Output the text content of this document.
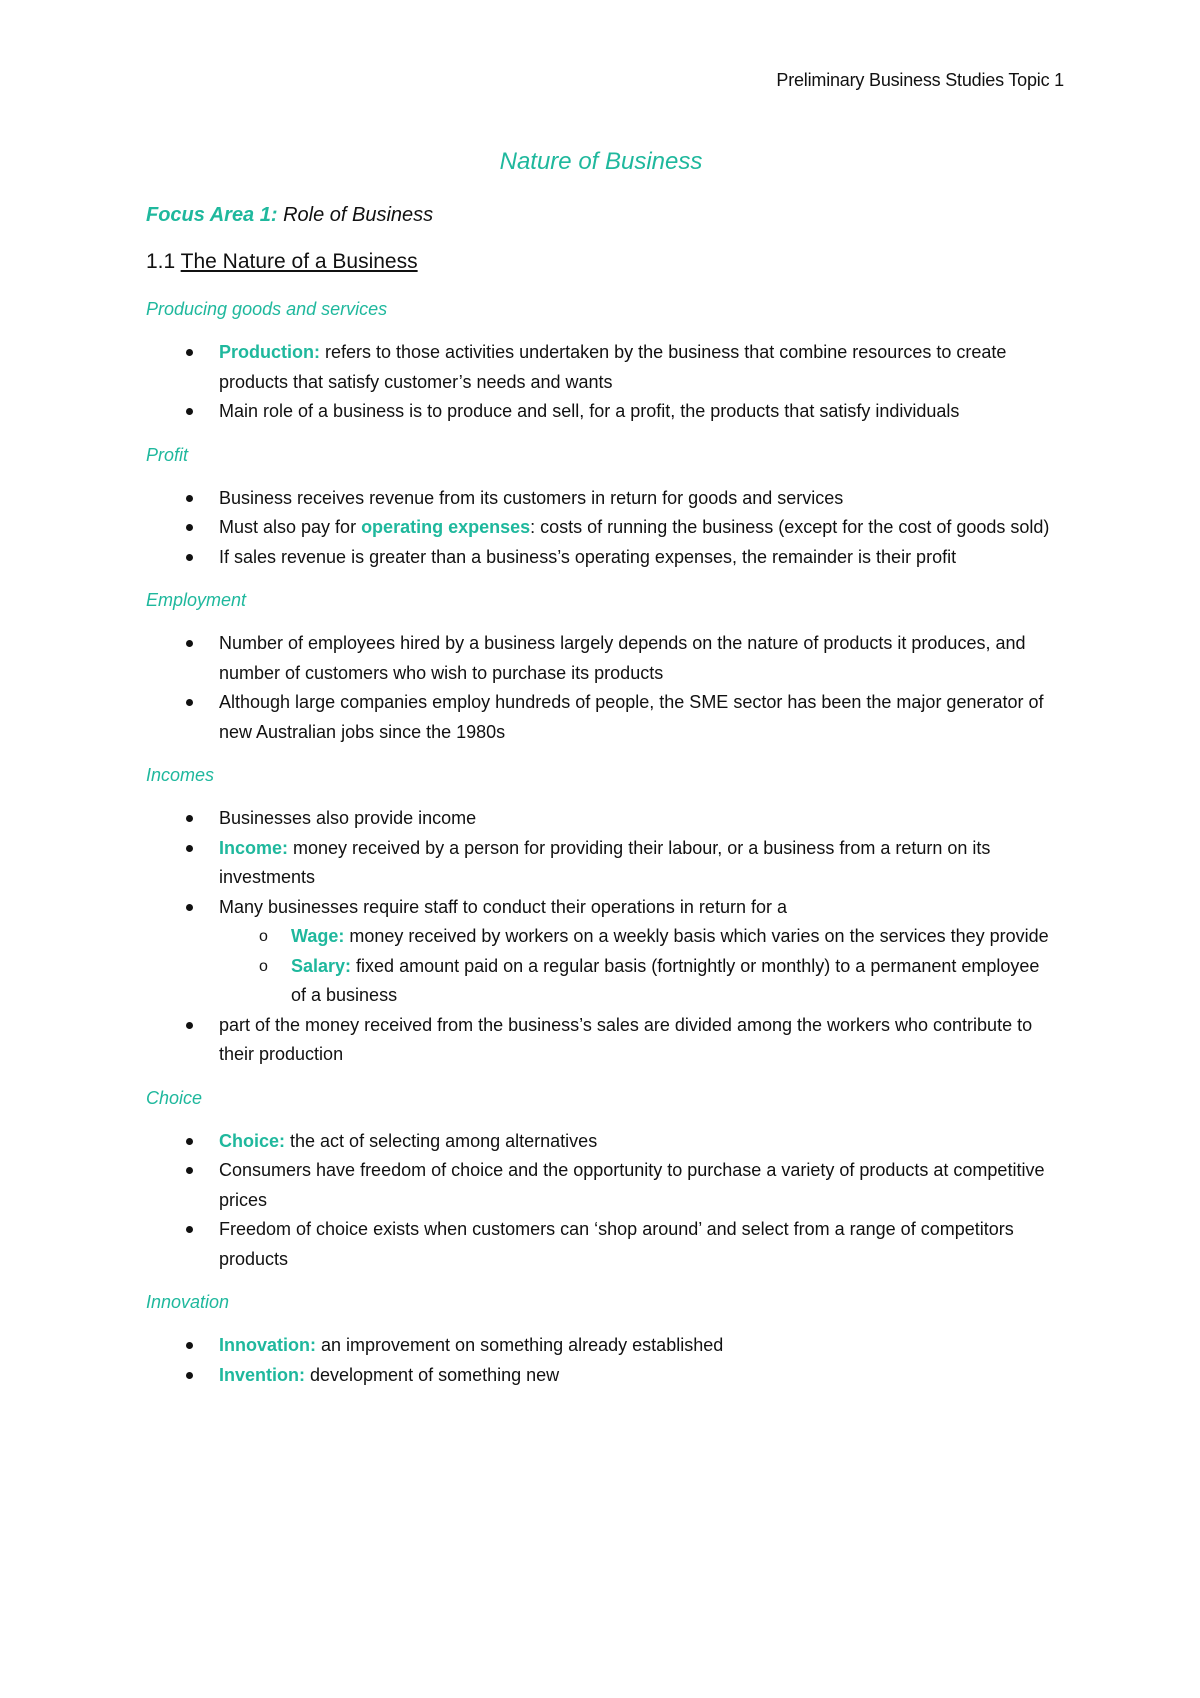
Preliminary Business Studies Topic 1
Nature of Business
Focus Area 1: Role of Business
1.1 The Nature of a Business
Producing goods and services
Production: refers to those activities undertaken by the business that combine resources to create products that satisfy customer’s needs and wants
Main role of a business is to produce and sell, for a profit, the products that satisfy individuals
Profit
Business receives revenue from its customers in return for goods and services
Must also pay for operating expenses: costs of running the business (except for the cost of goods sold)
If sales revenue is greater than a business’s operating expenses, the remainder is their profit
Employment
Number of employees hired by a business largely depends on the nature of products it produces, and number of customers who wish to purchase its products
Although large companies employ hundreds of people, the SME sector has been the major generator of new Australian jobs since the 1980s
Incomes
Businesses also provide income
Income: money received by a person for providing their labour, or a business from a return on its investments
Many businesses require staff to conduct their operations in return for a
o Wage: money received by workers on a weekly basis which varies on the services they provide
o Salary: fixed amount paid on a regular basis (fortnightly or monthly) to a permanent employee of a business
part of the money received from the business’s sales are divided among the workers who contribute to their production
Choice
Choice: the act of selecting among alternatives
Consumers have freedom of choice and the opportunity to purchase a variety of products at competitive prices
Freedom of choice exists when customers can ‘shop around’ and select from a range of competitors products
Innovation
Innovation: an improvement on something already established
Invention: development of something new
